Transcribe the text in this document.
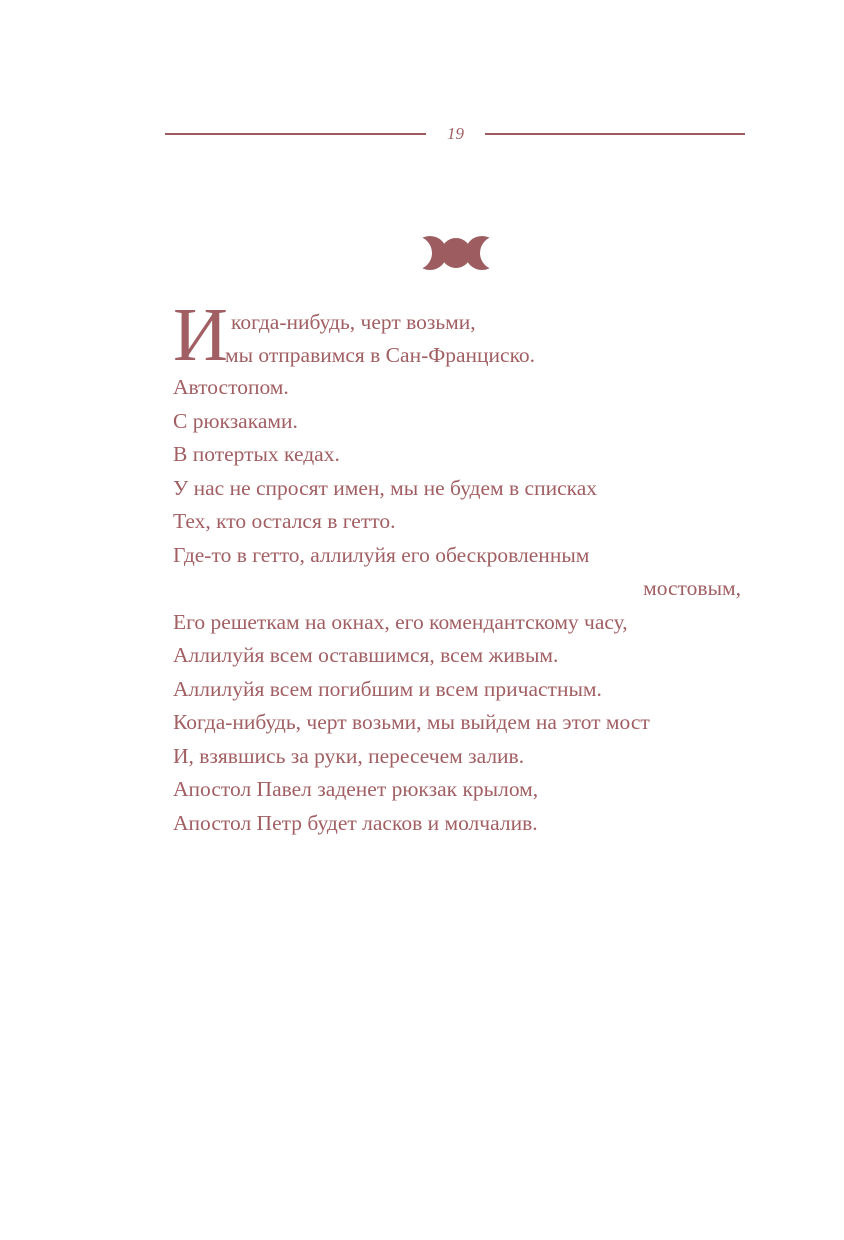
19
И когда-нибудь, черт возьми,
мы отправимся в Сан-Франциско.
Автостопом.
С рюкзаками.
В потертых кедах.
У нас не спросят имен, мы не будем в списках
Тех, кто остался в гетто.
Где-то в гетто, аллилуйя его обескровленным
мостовым,
Его решеткам на окнах, его комендантскому часу,
Аллилуйя всем оставшимся, всем живым.
Аллилуйя всем погибшим и всем причастным.
Когда-нибудь, черт возьми, мы выйдем на этот мост
И, взявшись за руки, пересечем залив.
Апостол Павел заденет рюкзак крылом,
Апостол Петр будет ласков и молчалив.
